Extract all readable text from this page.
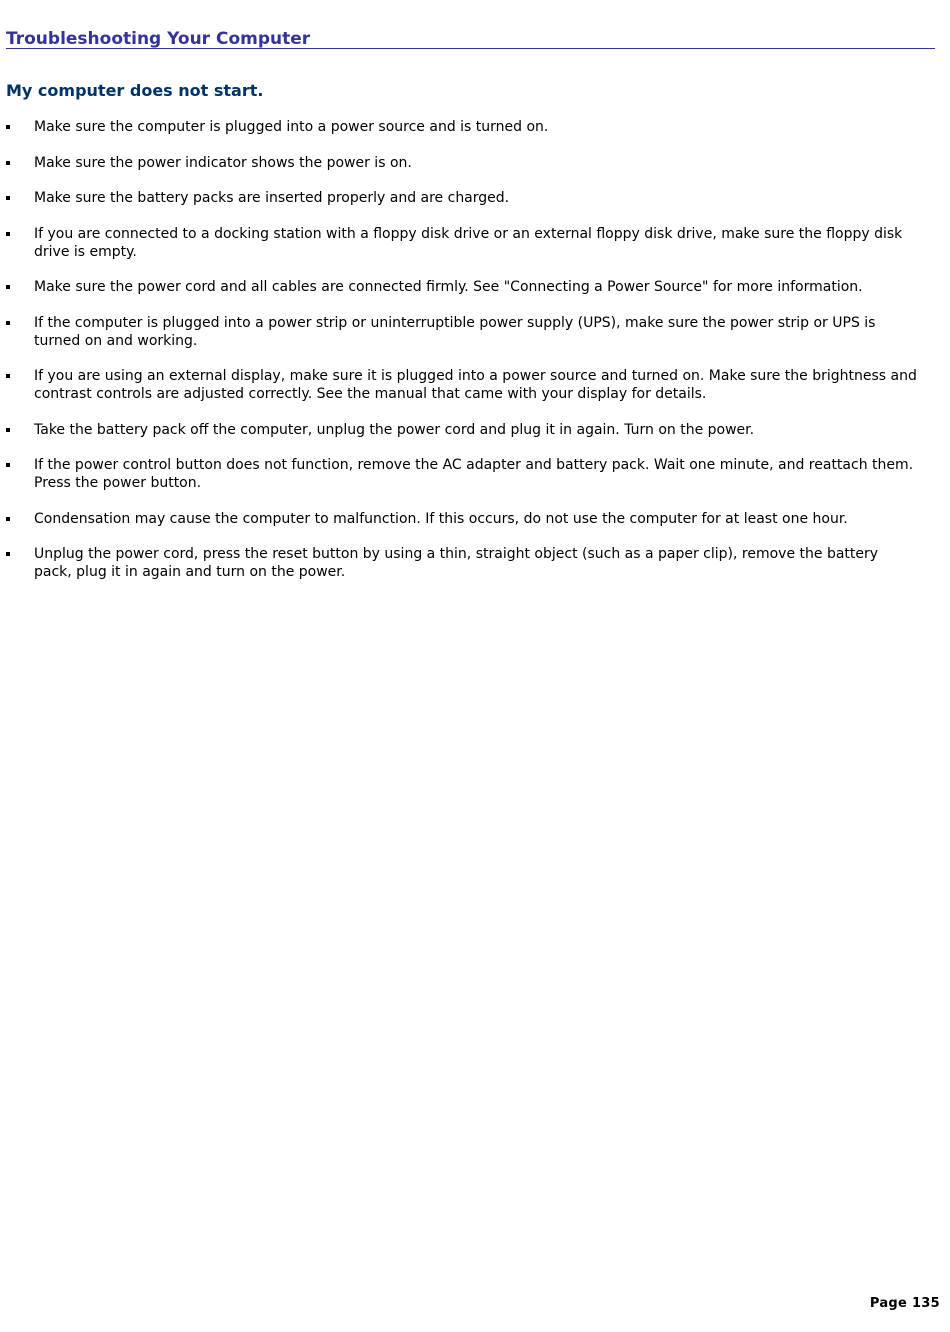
Troubleshooting Your Computer
My computer does not start.
Make sure the computer is plugged into a power source and is turned on.
Make sure the power indicator shows the power is on.
Make sure the battery packs are inserted properly and are charged.
If you are connected to a docking station with a floppy disk drive or an external floppy disk drive, make sure the floppy disk drive is empty.
Make sure the power cord and all cables are connected firmly. See "Connecting a Power Source" for more information.
If the computer is plugged into a power strip or uninterruptible power supply (UPS), make sure the power strip or UPS is turned on and working.
If you are using an external display, make sure it is plugged into a power source and turned on. Make sure the brightness and contrast controls are adjusted correctly. See the manual that came with your display for details.
Take the battery pack off the computer, unplug the power cord and plug it in again. Turn on the power.
If the power control button does not function, remove the AC adapter and battery pack. Wait one minute, and reattach them. Press the power button.
Condensation may cause the computer to malfunction. If this occurs, do not use the computer for at least one hour.
Unplug the power cord, press the reset button by using a thin, straight object (such as a paper clip), remove the battery pack, plug it in again and turn on the power.
Page 135
